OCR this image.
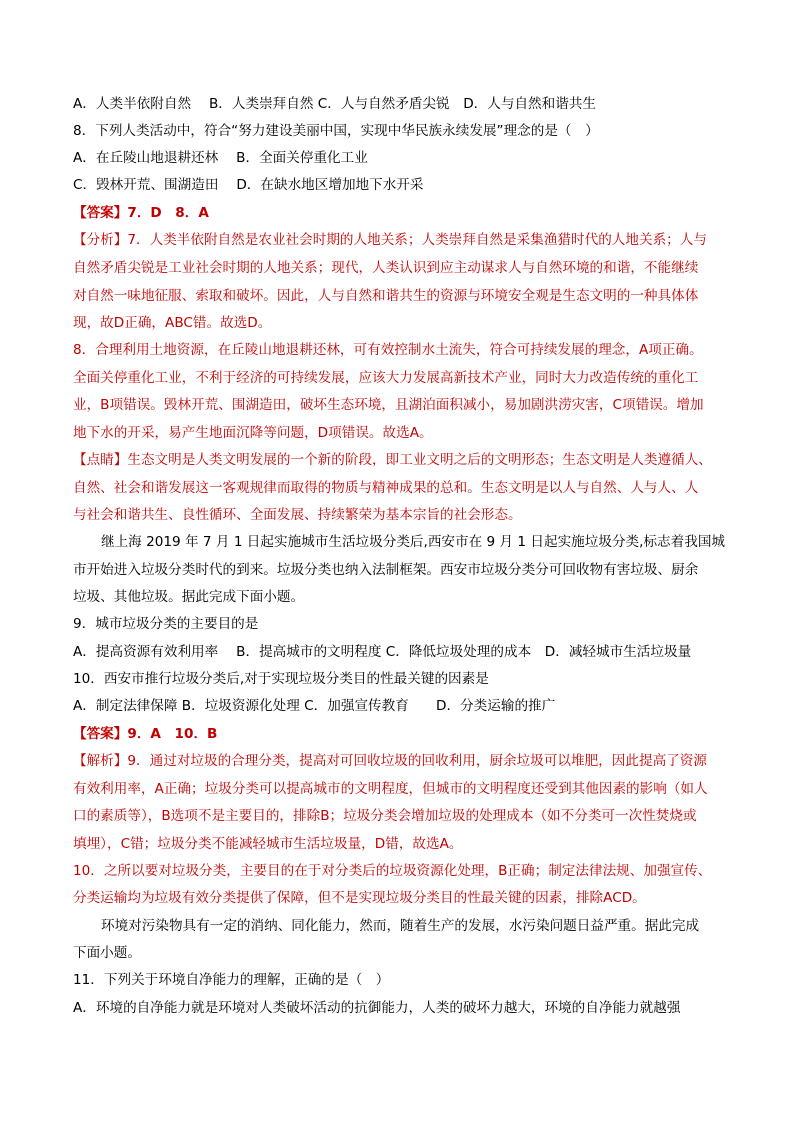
A．人类半依附自然　 B．人类崇拜自然 C．人与自然矛盾尖锐　D．人与自然和谐共生
8．下列人类活动中，符合“努力建设美丽中国，实现中华民族永续发展”理念的是（　）
A．在丘陵山地退耕还林　 B．全面关停重化工业
C．毁林开荒、围湖造田　 D．在缺水地区增加地下水开采
【答案】7．D　8．A
【分析】7．人类半依附自然是农业社会时期的人地关系；人类崇拜自然是采集渔猎时代的人地关系；人与
自然矛盾尖锐是工业社会时期的人地关系；现代，人类认识到应主动谋求人与自然环境的和谐，不能继续
对自然一味地征服、索取和破坏。因此，人与自然和谐共生的资源与环境安全观是生态文明的一种具体体
现，故D正确，ABC错。故选D。
8．合理利用土地资源，在丘陵山地退耕还林，可有效控制水土流失，符合可持续发展的理念，A项正确。
全面关停重化工业，不利于经济的可持续发展，应该大力发展高新技术产业，同时大力改造传统的重化工
业，B项错误。毁林开荒、围湖造田，破坏生态环境，且湖泊面积减小，易加剧洪涝灾害，C项错误。增加
地下水的开采，易产生地面沉降等问题，D项错误。故选A。
【点睛】生态文明是人类文明发展的一个新的阶段，即工业文明之后的文明形态；生态文明是人类遵循人、
自然、社会和谐发展这一客观规律而取得的物质与精神成果的总和。生态文明是以人与自然、人与人、人
与社会和谐共生、良性循环、全面发展、持续繁荣为基本宗旨的社会形态。
继上海 2019 年 7 月 1 日起实施城市生活垃圾分类后,西安市在 9 月 1 日起实施垃圾分类,标志着我国城
市开始进入垃圾分类时代的到来。垃圾分类也纳入法制框架。西安市垃圾分类分可回收物有害垃圾、厨余
垃圾、其他垃圾。据此完成下面小题。
9．城市垃圾分类的主要目的是
A．提高资源有效利用率　 B．提高城市的文明程度 C．降低垃圾处理的成本　D．减轻城市生活垃圾量
10．西安市推行垃圾分类后,对于实现垃圾分类目的性最关键的因素是
A．制定法律保障 B．垃圾资源化处理 C．加强宣传教育　　D．分类运输的推广
【答案】9．A　10．B
【解析】9．通过对垃圾的合理分类，提高对可回收垃圾的回收利用，厨余垃圾可以堆肥，因此提高了资源
有效利用率，A正确；垃圾分类可以提高城市的文明程度，但城市的文明程度还受到其他因素的影响（如人
口的素质等），B选项不是主要目的，排除B；垃圾分类会增加垃圾的处理成本（如不分类可一次性焚烧或
填埋），C错；垃圾分类不能减轻城市生活垃圾量，D错，故选A。
10．之所以要对垃圾分类，主要目的在于对分类后的垃圾资源化处理，B正确；制定法律法规、加强宣传、
分类运输均为垃圾有效分类提供了保障，但不是实现垃圾分类目的性最关键的因素，排除ACD。
环境对污染物具有一定的消纳、同化能力，然而，随着生产的发展，水污染问题日益严重。据此完成
下面小题。
11．下列关于环境自净能力的理解，正确的是（　）
A．环境的自净能力就是环境对人类破坏活动的抗御能力，人类的破坏力越大，环境的自净能力就越强
